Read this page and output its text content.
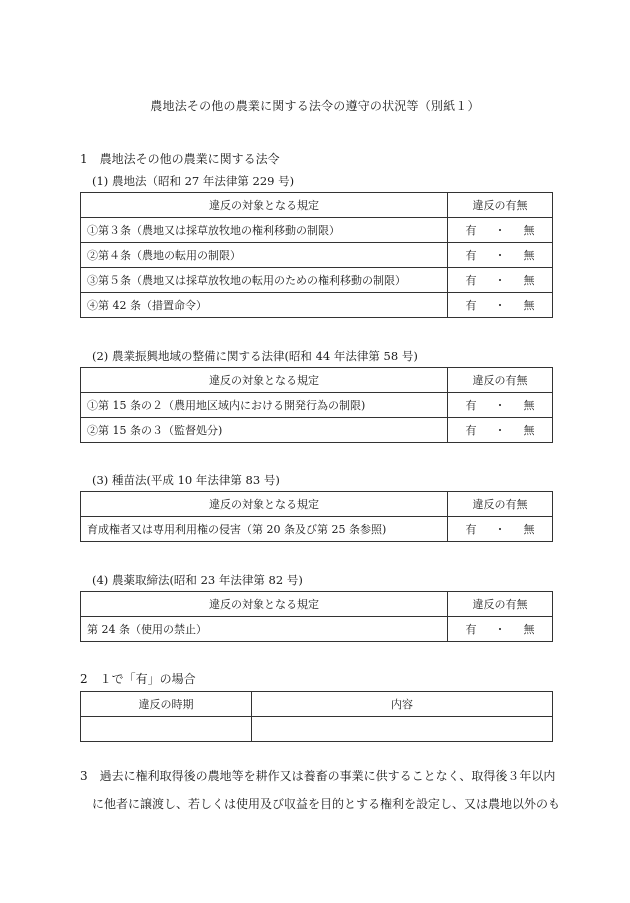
農地法その他の農業に関する法令の遵守の状況等（別紙１）
1　農地法その他の農業に関する法令
(1) 農地法（昭和 27 年法律第 229 号)
違反の対象となる規定	違反の有無
①第３条（農地又は採草放牧地の権利移動の制限）	有 ・ 無
②第４条（農地の転用の制限）	有 ・ 無
③第５条（農地又は採草放牧地の転用のための権利移動の制限）	有 ・ 無
④第 42 条（措置命令）	有 ・ 無
(2) 農業振興地域の整備に関する法律(昭和 44 年法律第 58 号)
違反の対象となる規定	違反の有無
①第 15 条の２（農用地区域内における開発行為の制限)	有 ・ 無
②第 15 条の３（監督処分)	有 ・ 無
(3) 種苗法(平成 10 年法律第 83 号)
違反の対象となる規定	違反の有無
育成権者又は専用利用権の侵害（第 20 条及び第 25 条参照)	有 ・ 無
(4) 農薬取締法(昭和 23 年法律第 82 号)
違反の対象となる規定	違反の有無
第 24 条（使用の禁止）	有 ・ 無
2　１で「有」の場合
違反の時期	内容

3　過去に権利取得後の農地等を耕作又は養畜の事業に供することなく、取得後３年以内
に他者に譲渡し、若しくは使用及び収益を目的とする権利を設定し、又は農地以外のも
